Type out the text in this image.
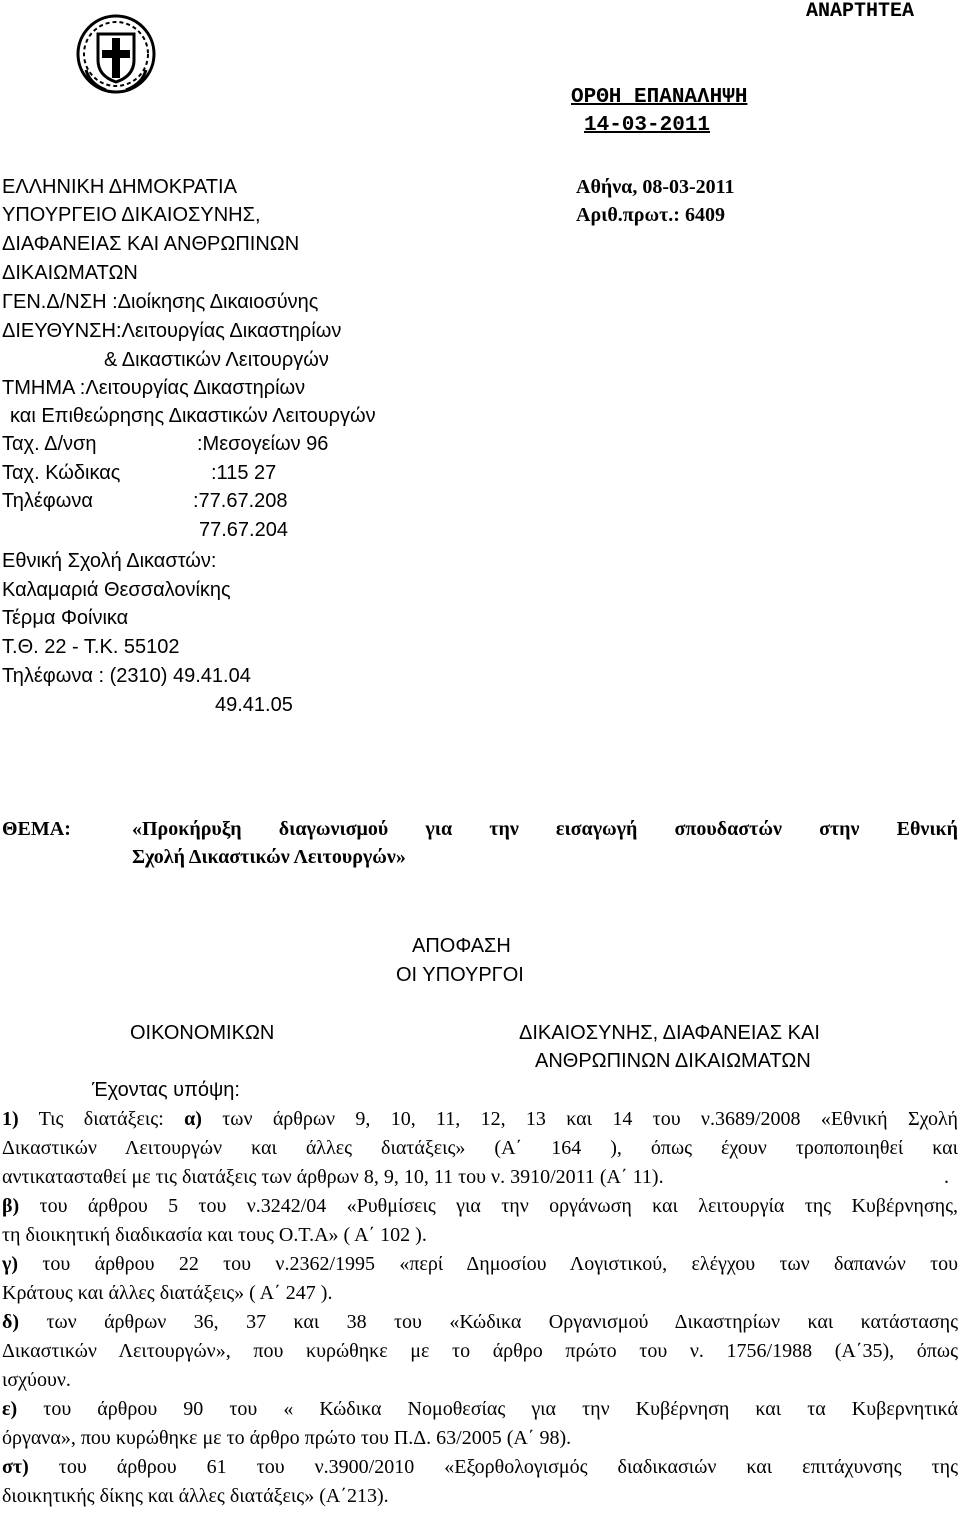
ΑΝΑΡΤΗΤΕΑ
ΟΡΘΗ ΕΠΑΝΑΛΗΨΗ
14-03-2011
ΕΛΛΗΝΙΚΗ ΔΗΜΟΚΡΑΤΙΑ
ΥΠΟΥΡΓΕΙΟ ΔΙΚΑΙΟΣΥΝΗΣ,
ΔΙΑΦΑΝΕΙΑΣ ΚΑΙ ΑΝΘΡΩΠΙΝΩΝ
ΔΙΚΑΙΩΜΑΤΩΝ
ΓΕΝ.Δ/ΝΣΗ :Διοίκησης Δικαιοσύνης
ΔΙΕΥΘΥΝΣΗ:Λειτουργίας Δικαστηρίων
& Δικαστικών Λειτουργών
ΤΜΗΜΑ :Λειτουργίας Δικαστηρίων
και Επιθεώρησης Δικαστικών Λειτουργών
Ταχ. Δ/νση	:Μεσογείων 96
Ταχ. Κώδικας	:115 27
Τηλέφωνα	:77.67.208
77.67.204
Εθνική Σχολή Δικαστών:
Καλαμαριά Θεσσαλονίκης
Τέρμα Φοίνικα
Τ.Θ. 22 - Τ.Κ. 55102
Τηλέφωνα : (2310) 49.41.04
49.41.05
Αθήνα, 08-03-2011
Αριθ.πρωτ.: 6409
ΘΕΜΑ:	«Προκήρυξη διαγωνισμού για την εισαγωγή σπουδαστών στην Εθνική
Σχολή Δικαστικών Λειτουργών»
ΑΠΟΦΑΣΗ
ΟΙ ΥΠΟΥΡΓΟΙ
ΟΙΚΟΝΟΜΙΚΩΝ	ΔΙΚΑΙΟΣΥΝΗΣ, ΔΙΑΦΑΝΕΙΑΣ ΚΑΙ
ΑΝΘΡΩΠΙΝΩΝ ΔΙΚΑΙΩΜΑΤΩΝ
Έχοντας υπόψη:
1) Τις διατάξεις: α) των άρθρων 9, 10, 11, 12, 13 και 14 του ν.3689/2008 «Εθνική Σχολή
Δικαστικών Λειτουργών και άλλες διατάξεις» (Α΄ 164 ), όπως έχουν τροποποιηθεί και
αντικατασταθεί με τις διατάξεις των άρθρων 8, 9, 10, 11 του ν. 3910/2011 (Α΄ 11).	.
β) του άρθρου 5 του ν.3242/04 «Ρυθμίσεις για την οργάνωση και λειτουργία της Κυβέρνησης,
τη διοικητική διαδικασία και τους Ο.Τ.Α» ( Α΄ 102 ).
γ) του άρθρου 22 του ν.2362/1995 «περί Δημοσίου Λογιστικού, ελέγχου των δαπανών του
Κράτους και άλλες διατάξεις» ( Α΄ 247 ).
δ) των άρθρων 36, 37 και 38 του «Κώδικα Οργανισμού Δικαστηρίων και κατάστασης
Δικαστικών Λειτουργών», που κυρώθηκε με το άρθρο πρώτο του ν. 1756/1988 (Α΄35), όπως
ισχύουν.
ε) του άρθρου 90 του « Κώδικα Νομοθεσίας για την Κυβέρνηση και τα Κυβερνητικά
όργανα», που κυρώθηκε με το άρθρο πρώτο του Π.Δ. 63/2005 (Α΄ 98).
στ) του άρθρου 61 του ν.3900/2010 «Εξορθολογισμός διαδικασιών και επιτάχυνσης της
διοικητικής δίκης και άλλες διατάξεις» (Α΄213).
